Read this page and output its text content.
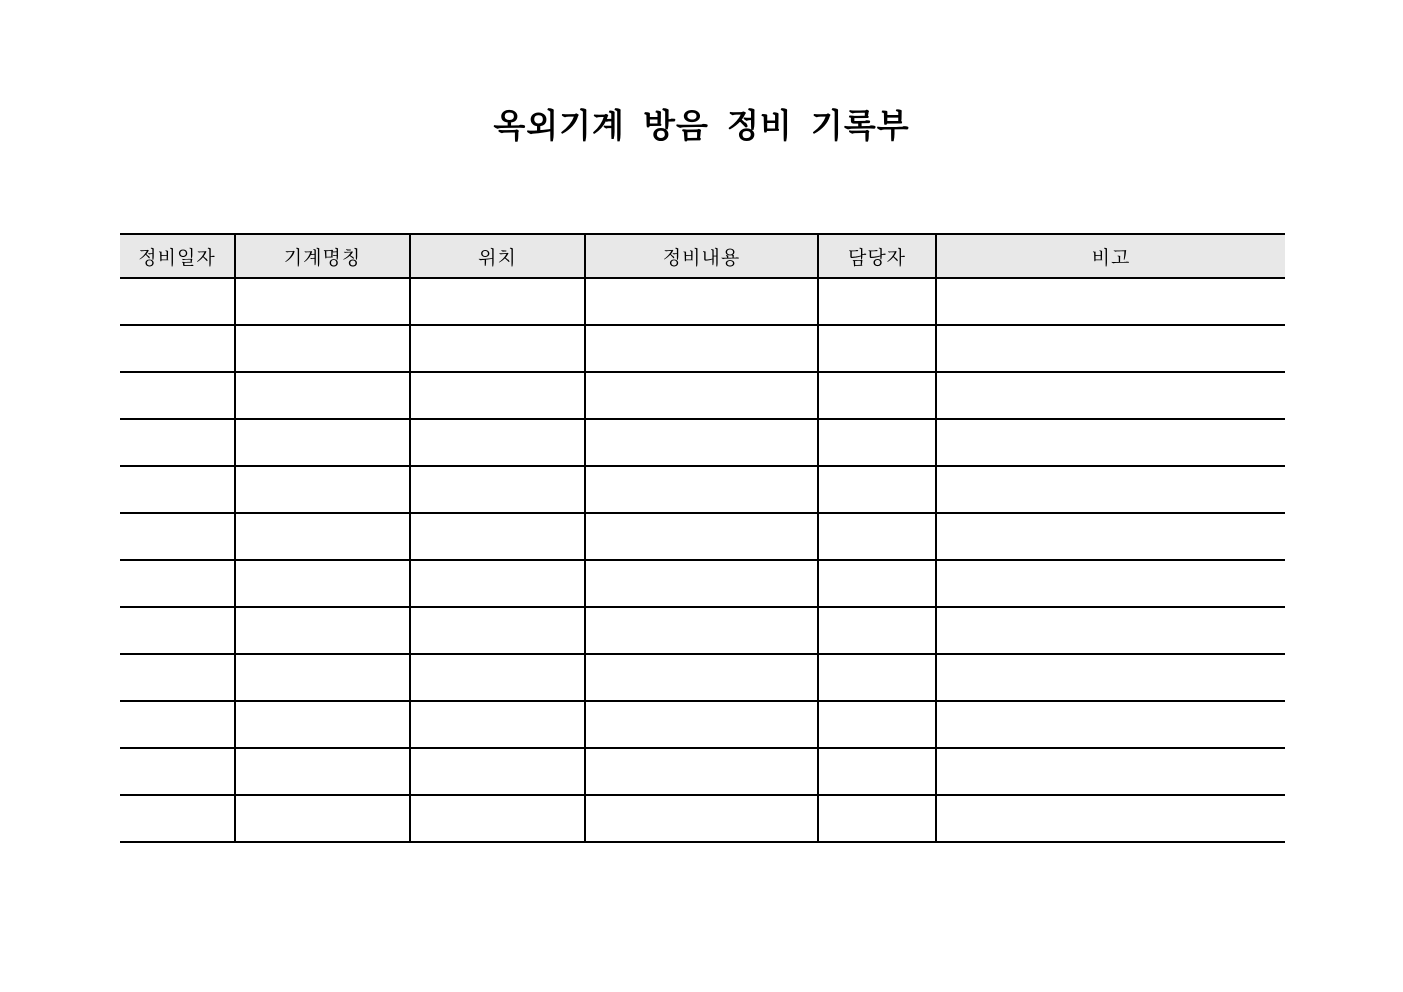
옥외기계 방음 정비 기록부
정비일자	기계명칭	위치	정비내용	담당자	비고
